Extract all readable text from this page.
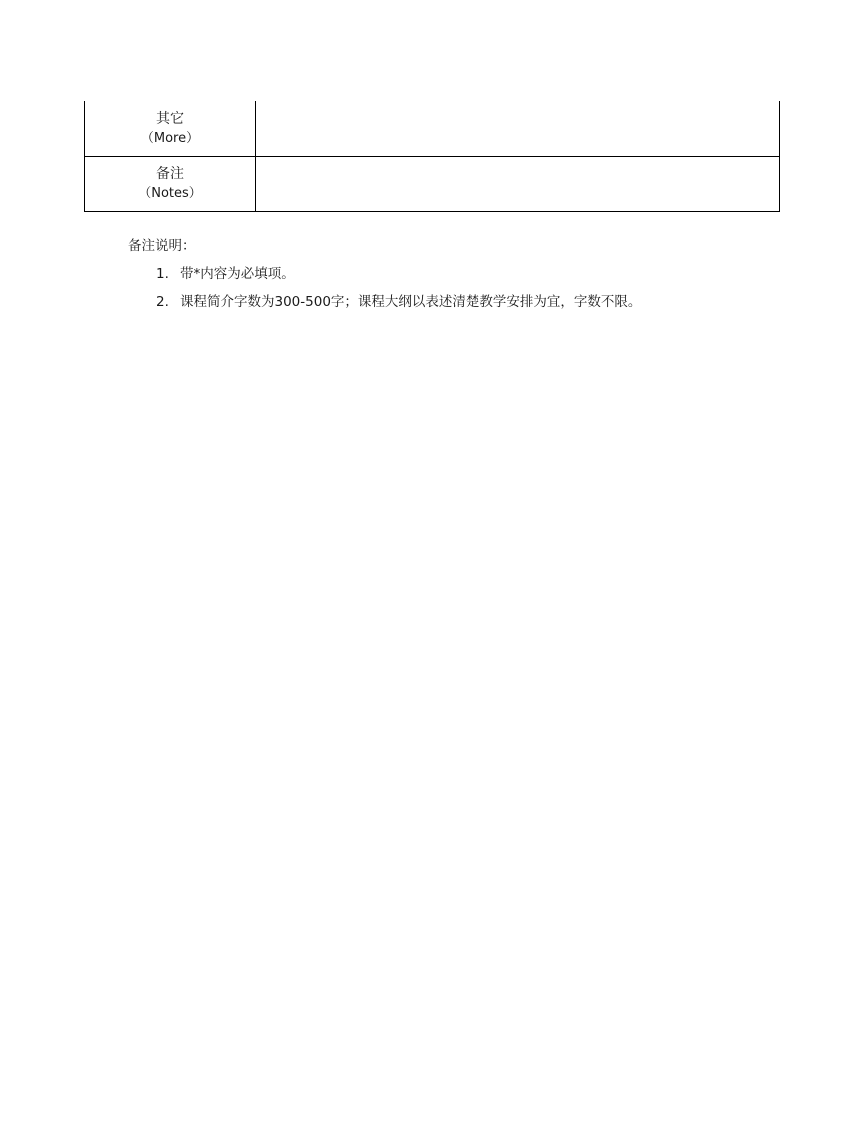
其它
（More）	

备注
（Notes）	

备注说明：

1. 带*内容为必填项。
2. 课程简介字数为300-500字；课程大纲以表述清楚教学安排为宜，字数不限。
